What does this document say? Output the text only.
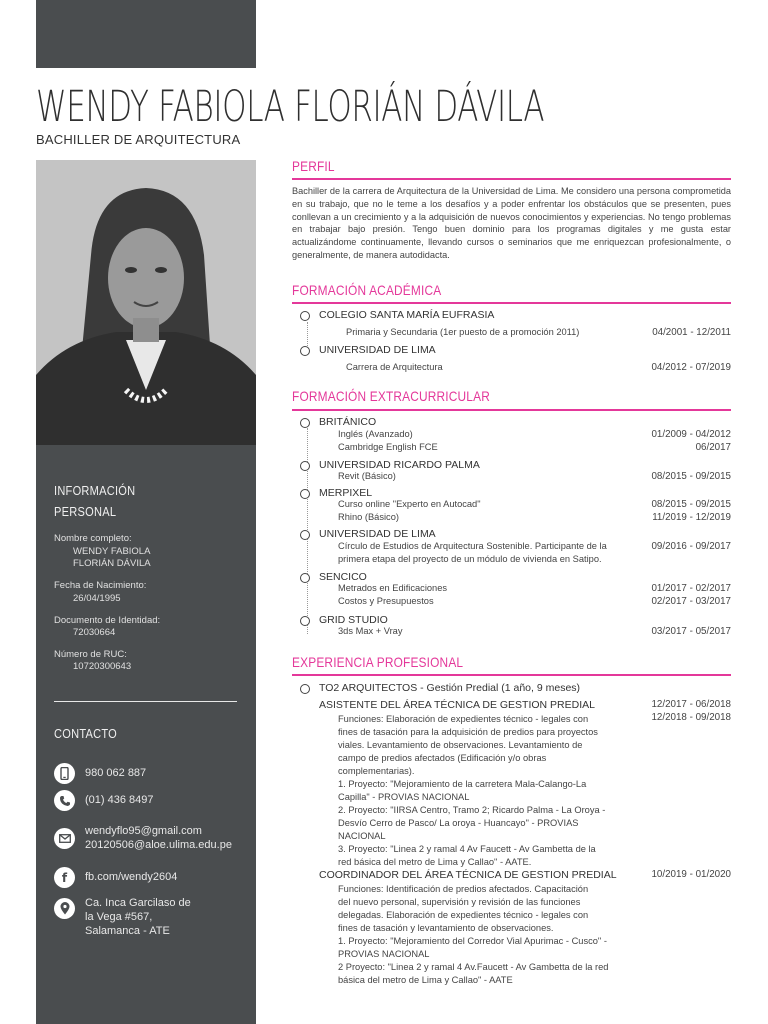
WENDY FABIOLA FLORIÁN DÁVILA
BACHILLER DE ARQUITECTURA
INFORMACIÓN
PERSONAL
Nombre completo:
WENDY FABIOLA
FLORIÁN DÁVILA
Fecha de Nacimiento:
26/04/1995
Documento de Identidad:
72030664
Número de RUC:
10720300643
CONTACTO
980 062 887
(01) 436 8497
wendyflo95@gmail.com
20120506@aloe.ulima.edu.pe
f fb.com/wendy2604
Ca. Inca Garcilaso de
la Vega #567,
Salamanca - ATE
PERFIL
Bachiller de la carrera de Arquitectura de la Universidad de Lima. Me considero una persona comprometida en su trabajo, que no le teme a los desafíos y a poder enfrentar los obstáculos que se presenten, pues conllevan a un crecimiento y a la adquisición de nuevos conocimientos y experiencias. No tengo problemas en trabajar bajo presión. Tengo buen dominio para los programas digitales y me gusta estar actualizándome continuamente, llevando cursos o seminarios que me enriquezcan profesionalmente, o generalmente, de manera autodidacta.
FORMACIÓN ACADÉMICA
COLEGIO SANTA MARÍA EUFRASIA
Primaria y Secundaria (1er puesto de a promoción 2011)	04/2001 - 12/2011
UNIVERSIDAD DE LIMA
Carrera de Arquitectura	04/2012 - 07/2019
FORMACIÓN EXTRACURRICULAR
BRITÁNICO
Inglés (Avanzado)	01/2009 - 04/2012
Cambridge English FCE	06/2017
UNIVERSIDAD RICARDO PALMA
Revit (Básico)	08/2015 - 09/2015
MERPIXEL
Curso online "Experto en Autocad"	08/2015 - 09/2015
Rhino (Básico)	11/2019 - 12/2019
UNIVERSIDAD DE LIMA
Círculo de Estudios de Arquitectura Sostenible. Participante de la	09/2016 - 09/2017
primera etapa del proyecto de un módulo de vivienda en Satipo.
SENCICO
Metrados en Edificaciones	01/2017 - 02/2017
Costos y Presupuestos	02/2017 - 03/2017
GRID STUDIO
3ds Max + Vray	03/2017 - 05/2017
EXPERIENCIA PROFESIONAL
TO2 ARQUITECTOS - Gestión Predial (1 año, 9 meses)
ASISTENTE DEL ÁREA TÉCNICA DE GESTION PREDIAL	12/2017 - 06/2018
12/2018 - 09/2018
Funciones: Elaboración de expedientes técnico - legales con
fines de tasación para la adquisición de predios para proyectos
viales. Levantamiento de observaciones. Levantamiento de
campo de predios afectados (Edificación y/o obras
complementarias).
1. Proyecto: "Mejoramiento de la carretera Mala-Calango-La
Capilla" - PROVIAS NACIONAL
2. Proyecto: "IIRSA Centro, Tramo 2; Ricardo Palma - La Oroya -
Desvío Cerro de Pasco/ La oroya - Huancayo" - PROVIAS
NACIONAL
3. Proyecto: "Linea 2 y ramal 4 Av Faucett - Av Gambetta de la
red básica del metro de Lima y Callao" - AATE.
COORDINADOR DEL ÁREA TÉCNICA DE GESTION PREDIAL	10/2019 - 01/2020
Funciones: Identificación de predios afectados. Capacitación
del nuevo personal, supervisión y revisión de las funciones
delegadas. Elaboración de expedientes técnico - legales con
fines de tasación y levantamiento de observaciones.
1. Proyecto: "Mejoramiento del Corredor Vial Apurimac - Cusco" -
PROVIAS NACIONAL
2 Proyecto: "Linea 2 y ramal 4 Av.Faucett - Av Gambetta de la red
básica del metro de Lima y Callao" - AATE
